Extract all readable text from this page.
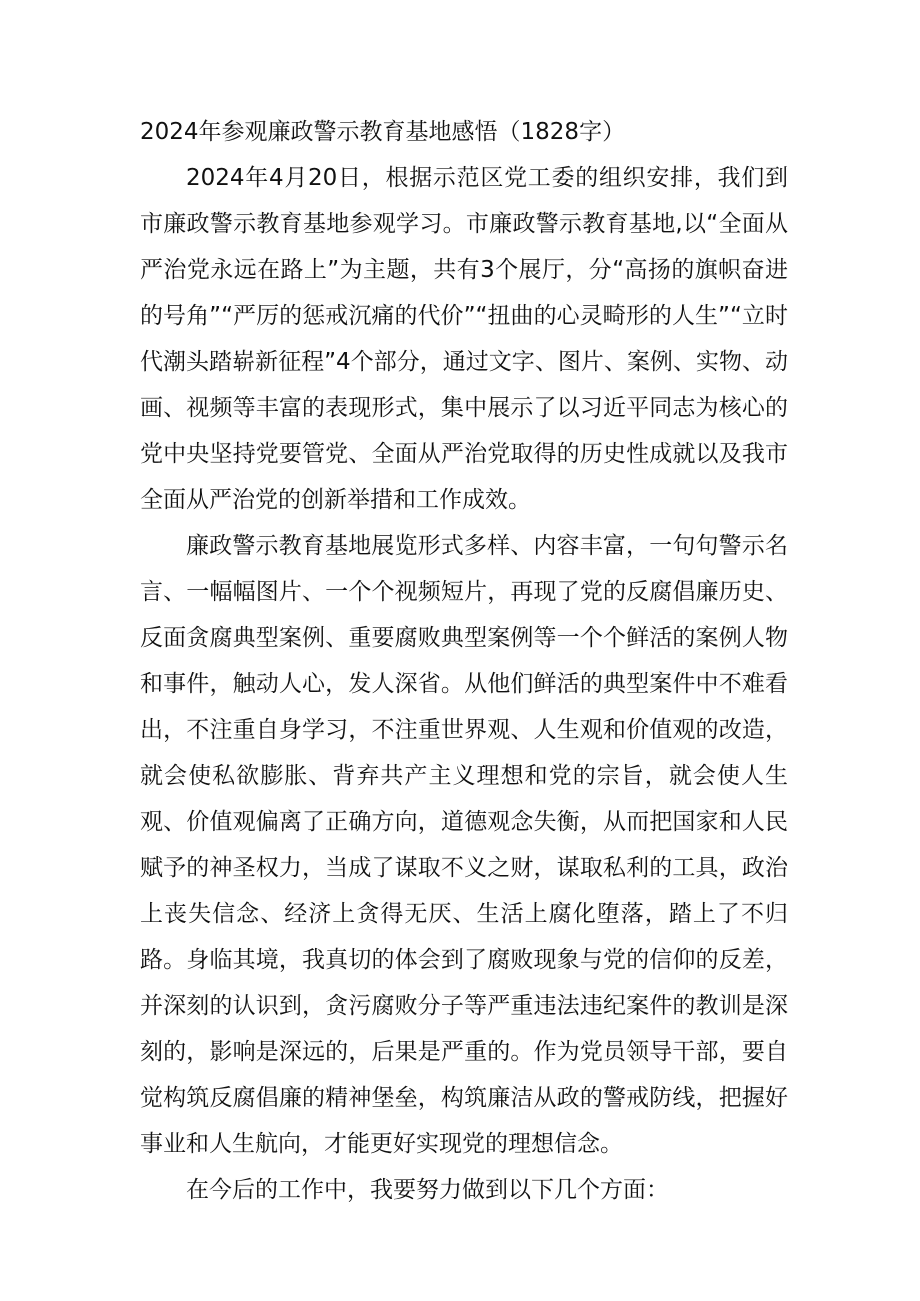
2024年参观廉政警示教育基地感悟（1828字）

2024年4月20日，根据示范区党工委的组织安排，我们到市廉政警示教育基地参观学习。市廉政警示教育基地,以“全面从严治党永远在路上”为主题，共有3个展厅，分“高扬的旗帜奋进的号角”“严厉的惩戒沉痛的代价”“扭曲的心灵畸形的人生”“立时代潮头踏崭新征程”4个部分，通过文字、图片、案例、实物、动画、视频等丰富的表现形式，集中展示了以习近平同志为核心的党中央坚持党要管党、全面从严治党取得的历史性成就以及我市全面从严治党的创新举措和工作成效。

廉政警示教育基地展览形式多样、内容丰富，一句句警示名言、一幅幅图片、一个个视频短片，再现了党的反腐倡廉历史、反面贪腐典型案例、重要腐败典型案例等一个个鲜活的案例人物和事件，触动人心，发人深省。从他们鲜活的典型案件中不难看出，不注重自身学习，不注重世界观、人生观和价值观的改造，就会使私欲膨胀、背弃共产主义理想和党的宗旨，就会使人生观、价值观偏离了正确方向，道德观念失衡，从而把国家和人民赋予的神圣权力，当成了谋取不义之财，谋取私利的工具，政治上丧失信念、经济上贪得无厌、生活上腐化堕落，踏上了不归路。身临其境，我真切的体会到了腐败现象与党的信仰的反差，并深刻的认识到，贪污腐败分子等严重违法违纪案件的教训是深刻的，影响是深远的，后果是严重的。作为党员领导干部，要自觉构筑反腐倡廉的精神堡垒，构筑廉洁从政的警戒防线，把握好事业和人生航向，才能更好实现党的理想信念。

在今后的工作中，我要努力做到以下几个方面：
